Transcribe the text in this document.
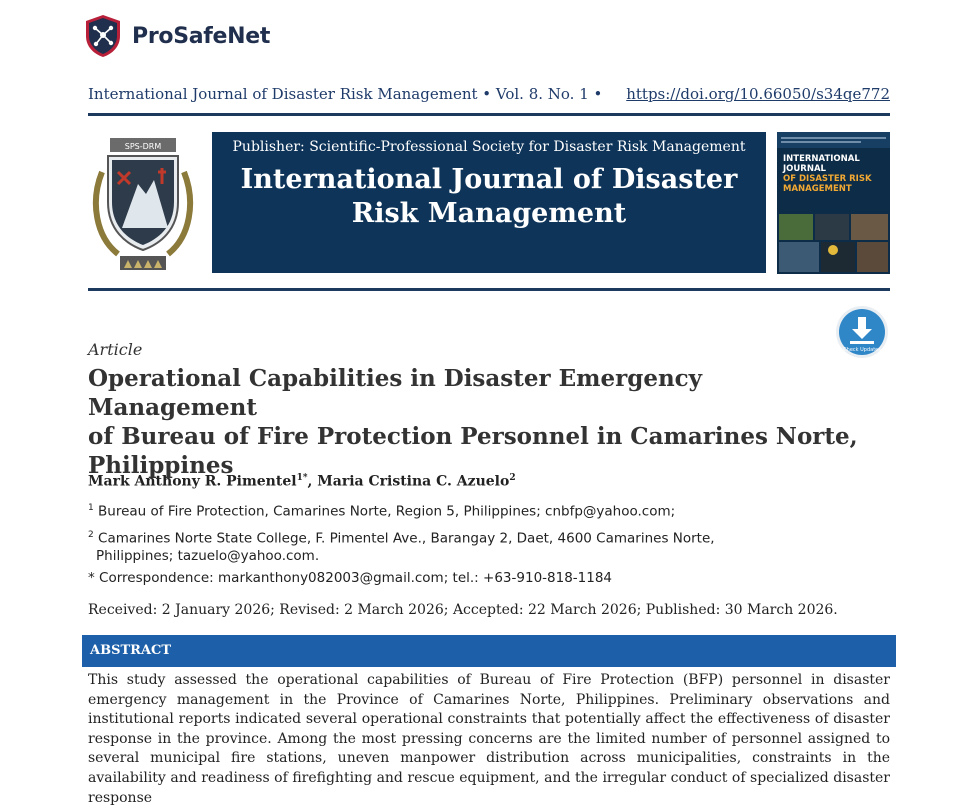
ProSafeNet
International Journal of Disaster Risk Management • Vol. 8. No. 1 • https://doi.org/10.66050/s34qe772
SPS-DRM	Publisher: Scientific-Professional Society for Disaster Risk Management
International Journal of Disaster
Risk Management
INTERNATIONAL JOURNAL
OF DISASTER RISK
MANAGEMENT
Check Updates
Article
Operational Capabilities in Disaster Emergency Management
of Bureau of Fire Protection Personnel in Camarines Norte,
Philippines
Mark Anthony R. Pimentel$^{1*}$, Maria Cristina C. Azuelo$^2$
$^1$ Bureau of Fire Protection, Camarines Norte, Region 5, Philippines; cnbfp@yahoo.com;
$^2$ Camarines Norte State College, F. Pimentel Ave., Barangay 2, Daet, 4600 Camarines Norte,
Philippines; tazuelo@yahoo.com.
* Correspondence: markanthony082003@gmail.com; tel.: +63-910-818-1184
Received: 2 January 2026; Revised: 2 March 2026; Accepted: 22 March 2026; Published: 30 March 2026.
ABSTRACT
This study assessed the operational capabilities of Bureau of Fire Protection (BFP) personnel in disaster emergency management in the Province of Camarines Norte, Philippines. Preliminary observations and institutional reports indicated several operational constraints that potentially affect the effectiveness of disaster response in the province. Among the most pressing concerns are the limited number of personnel assigned to several municipal fire stations, uneven manpower distribution across municipalities, constraints in the availability and readiness of firefighting and rescue equipment, and the irregular conduct of specialized disaster response
